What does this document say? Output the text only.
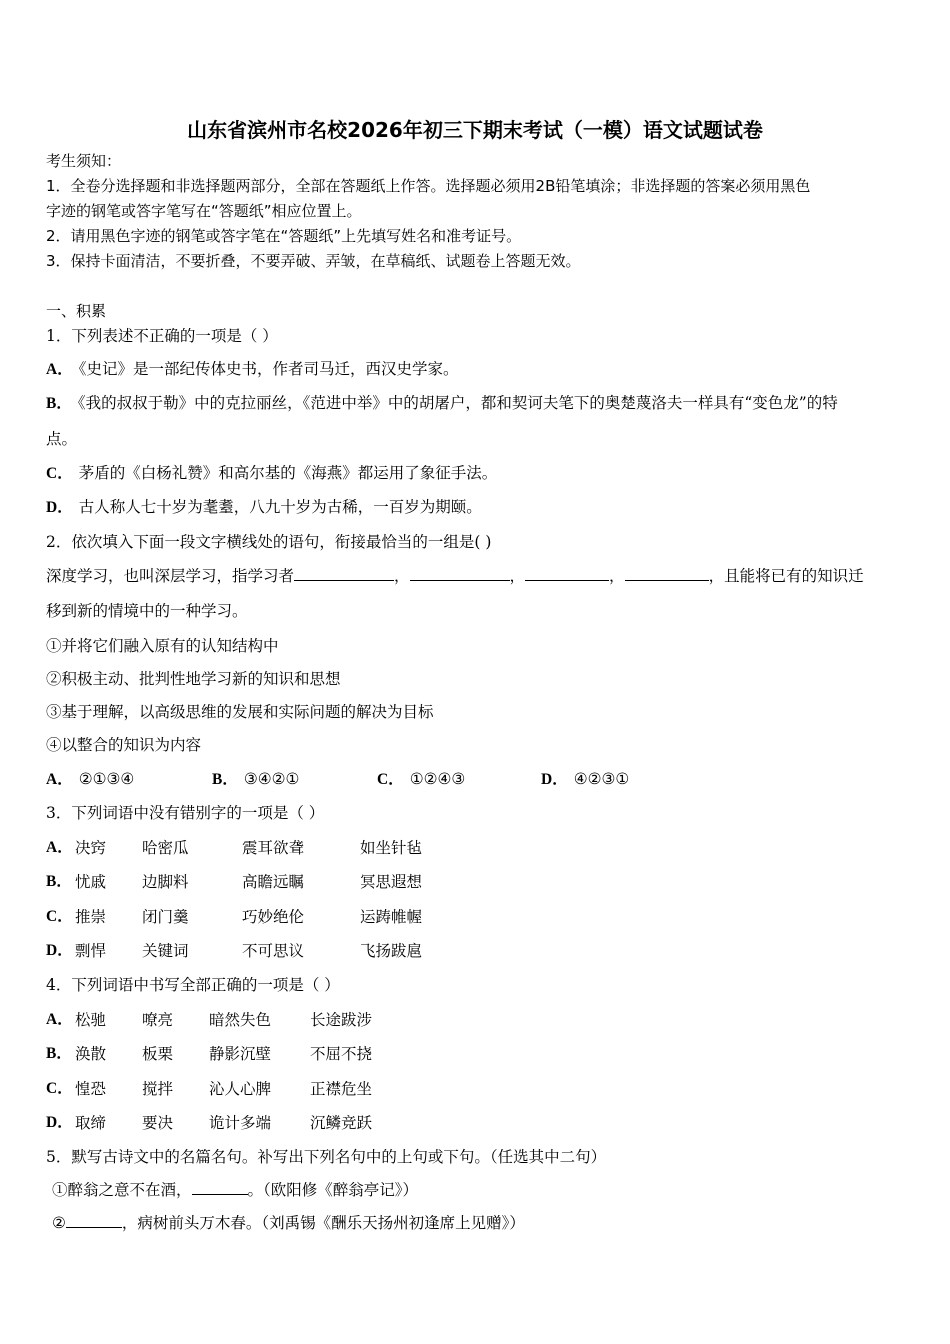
山东省滨州市名校2026年初三下期末考试（一模）语文试题试卷
考生须知：
1．全卷分选择题和非选择题两部分，全部在答题纸上作答。选择题必须用2B铅笔填涂；非选择题的答案必须用黑色
字迹的钢笔或答字笔写在“答题纸”相应位置上。
2．请用黑色字迹的钢笔或答字笔在“答题纸”上先填写姓名和准考证号。
3．保持卡面清洁，不要折叠，不要弄破、弄皱，在草稿纸、试题卷上答题无效。
一、积累
1．下列表述不正确的一项是（ ）
A． 《史记》是一部纪传体史书，作者司马迁，西汉史学家。
B． 《我的叔叔于勒》中的克拉丽丝，《范进中举》中的胡屠户，都和契诃夫笔下的奥楚蔑洛夫一样具有“变色龙”的特
点。
C． 茅盾的《白杨礼赞》和高尔基的《海燕》都运用了象征手法。
D． 古人称人七十岁为耄耋，八九十岁为古稀，一百岁为期颐。
2．依次填入下面一段文字横线处的语句，衔接最恰当的一组是( )
深度学习，也叫深层学习，指学习者	，	，	，	，且能将已有的知识迁
移到新的情境中的一种学习。
①并将它们融入原有的认知结构中
②积极主动、批判性地学习新的知识和思想
③基于理解，以高级思维的发展和实际问题的解决为目标
④以整合的知识为内容
A． ②①③④	B． ③④②①	C． ①②④③	D． ④②③①
3．下列词语中没有错别字的一项是（ ）
A． 决窍 哈密瓜	震耳欲聋	如坐针毡
B． 忧戚 边脚料	高瞻远瞩	冥思遐想
C． 推崇 闭门羹	巧妙绝伦	运踌帷幄
D． 剽悍 关键词	不可思议	飞扬跋扈
4．下列词语中书写全部正确的一项是（ ）
A． 松驰 嘹亮 暗然失色	长途跋涉
B． 涣散 板栗 静影沉壁	不屈不挠
C． 惶恐 搅拌 沁人心脾	正襟危坐
D． 取缔 要决 诡计多端	沉鳞竞跃
5．默写古诗文中的名篇名句。补写出下列名句中的上句或下句。（任选其中二句）
①醉翁之意不在酒，	。（欧阳修《醉翁亭记》）
②	，病树前头万木春。（刘禹锡《酬乐天扬州初逢席上见赠》）
